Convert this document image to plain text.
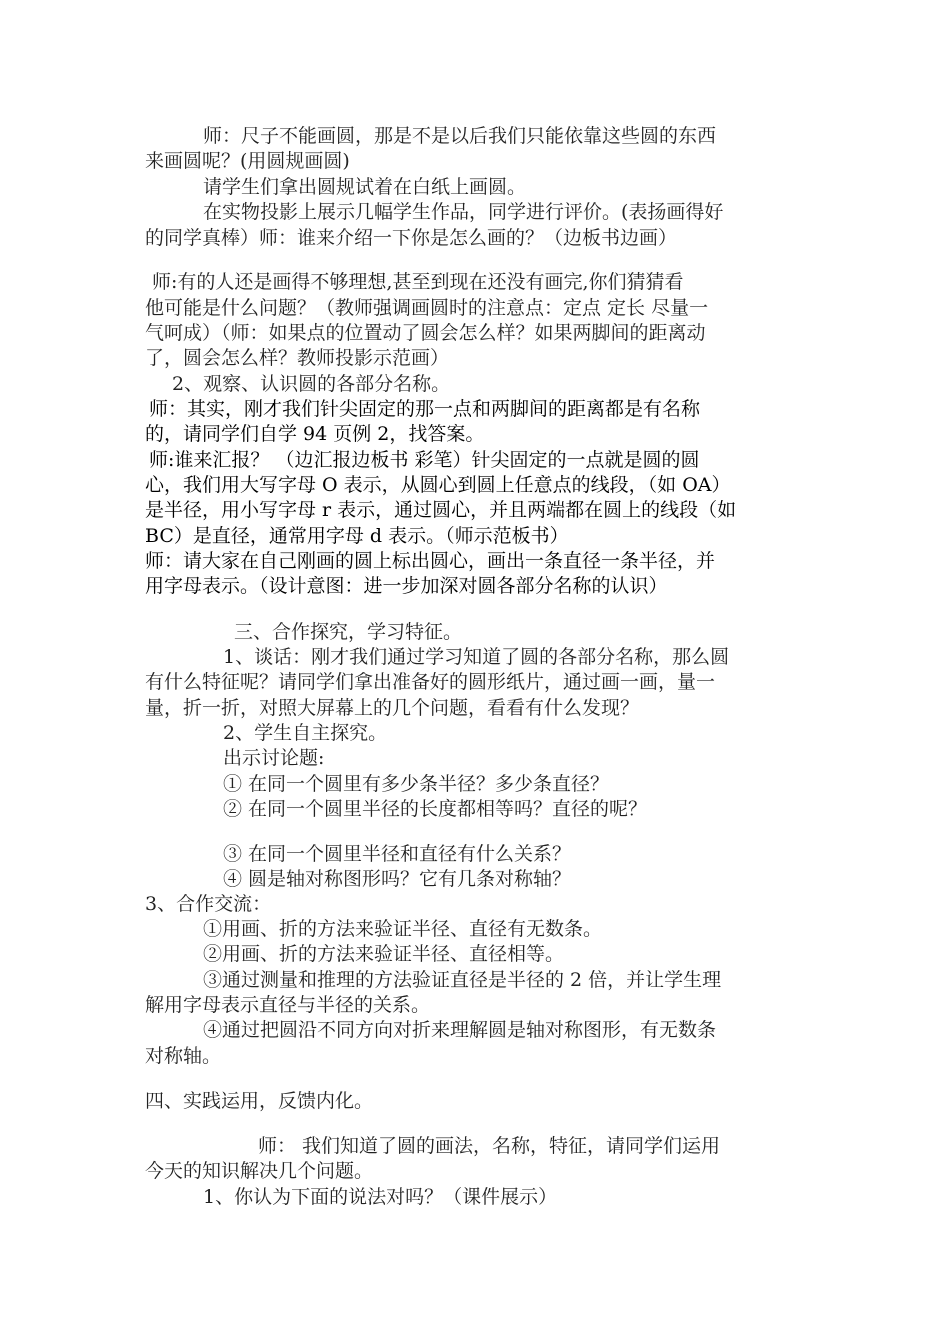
师：尺子不能画圆，那是不是以后我们只能依靠这些圆的东西
来画圆呢？(用圆规画圆)
请学生们拿出圆规试着在白纸上画圆。
在实物投影上展示几幅学生作品，同学进行评价。(表扬画得好
的同学真棒）师：谁来介绍一下你是怎么画的？（边板书边画）
师:有的人还是画得不够理想,甚至到现在还没有画完,你们猜猜看
他可能是什么问题？（教师强调画圆时的注意点：定点 定长 尽量一
气呵成）（师：如果点的位置动了圆会怎么样？如果两脚间的距离动
了，圆会怎么样？教师投影示范画）
2、观察、认识圆的各部分名称。
师：其实，刚才我们针尖固定的那一点和两脚间的距离都是有名称
的，请同学们自学 94 页例 2，找答案。
师:谁来汇报？ （边汇报边板书 彩笔）针尖固定的一点就是圆的圆
心，我们用大写字母 O 表示，从圆心到圆上任意点的线段，（如 OA）
是半径，用小写字母 r 表示，通过圆心，并且两端都在圆上的线段（如
BC）是直径，通常用字母 d 表示。（师示范板书）
师：请大家在自己刚画的圆上标出圆心，画出一条直径一条半径，并
用字母表示。（设计意图：进一步加深对圆各部分名称的认识）
三、合作探究，学习特征。
1、谈话：刚才我们通过学习知道了圆的各部分名称，那么圆
有什么特征呢？请同学们拿出准备好的圆形纸片，通过画一画，量一
量，折一折，对照大屏幕上的几个问题，看看有什么发现？
2、学生自主探究。
出示讨论题:
① 在同一个圆里有多少条半径？多少条直径？
② 在同一个圆里半径的长度都相等吗？直径的呢？
③ 在同一个圆里半径和直径有什么关系？
④ 圆是轴对称图形吗？它有几条对称轴？
3、合作交流：
①用画、折的方法来验证半径、直径有无数条。
②用画、折的方法来验证半径、直径相等。
③通过测量和推理的方法验证直径是半径的 2 倍，并让学生理
解用字母表示直径与半径的关系。
④通过把圆沿不同方向对折来理解圆是轴对称图形，有无数条
对称轴。
四、实践运用，反馈内化。
师： 我们知道了圆的画法，名称，特征，请同学们运用
今天的知识解决几个问题。
1、你认为下面的说法对吗？（课件展示）
